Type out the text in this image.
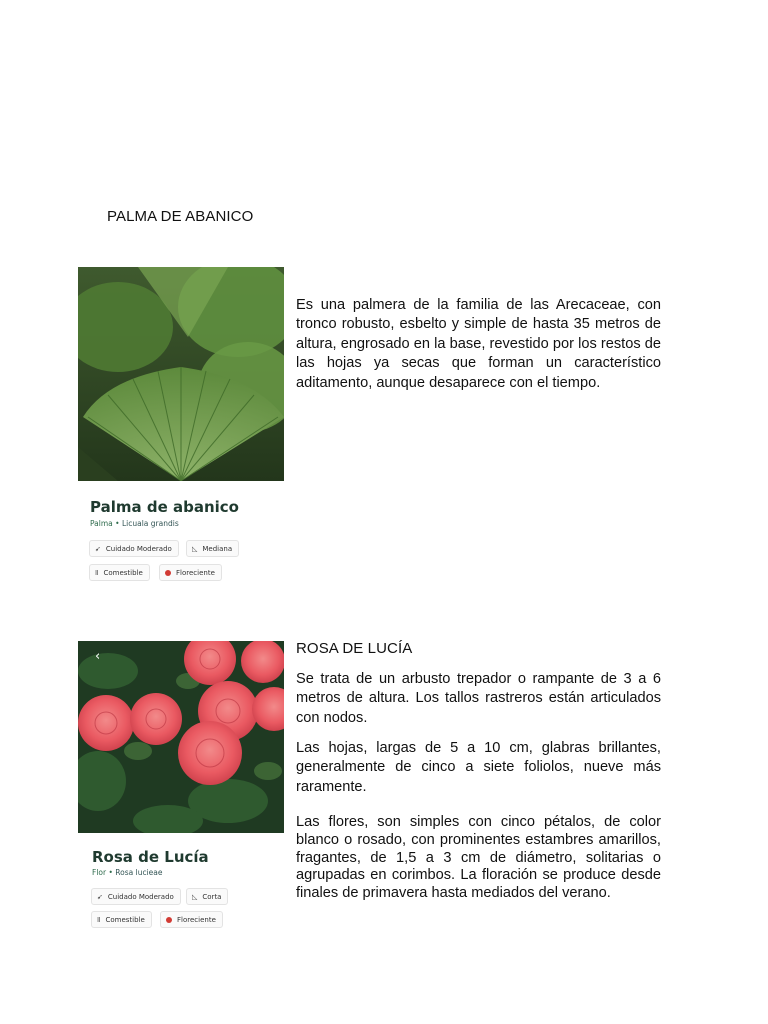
PALMA DE ABANICO
Palma de abanico
Palma • Licuala grandis
➹ Cuidado Moderado	◺ Mediana
Ⅱ Comestible	Floreciente

Es una palmera de la familia de las Arecaceae, con tronco robusto, esbelto y simple de hasta 35 metros de altura, engrosado en la base, revestido por los restos de las hojas ya secas que forman un característico aditamento, aunque desaparece con el tiempo.

‹
Rosa de Lucía
Flor • Rosa lucieae
➹ Cuidado Moderado	◺ Corta
Ⅱ Comestible	Floreciente
ROSA DE LUCÍA

Se trata de un arbusto trepador o rampante de 3 a 6 metros de altura. Los tallos rastreros están articulados con nodos.

Las hojas, largas de 5 a 10 cm, glabras brillantes, generalmente de cinco a siete foliolos, nueve más raramente.

Las flores, son simples con cinco pétalos, de color blanco o rosado, con prominentes estambres amarillos, fragantes, de 1,5 a 3 cm de diámetro, solitarias o agrupadas en corimbos. La floración se produce desde finales de primavera hasta mediados del verano.
